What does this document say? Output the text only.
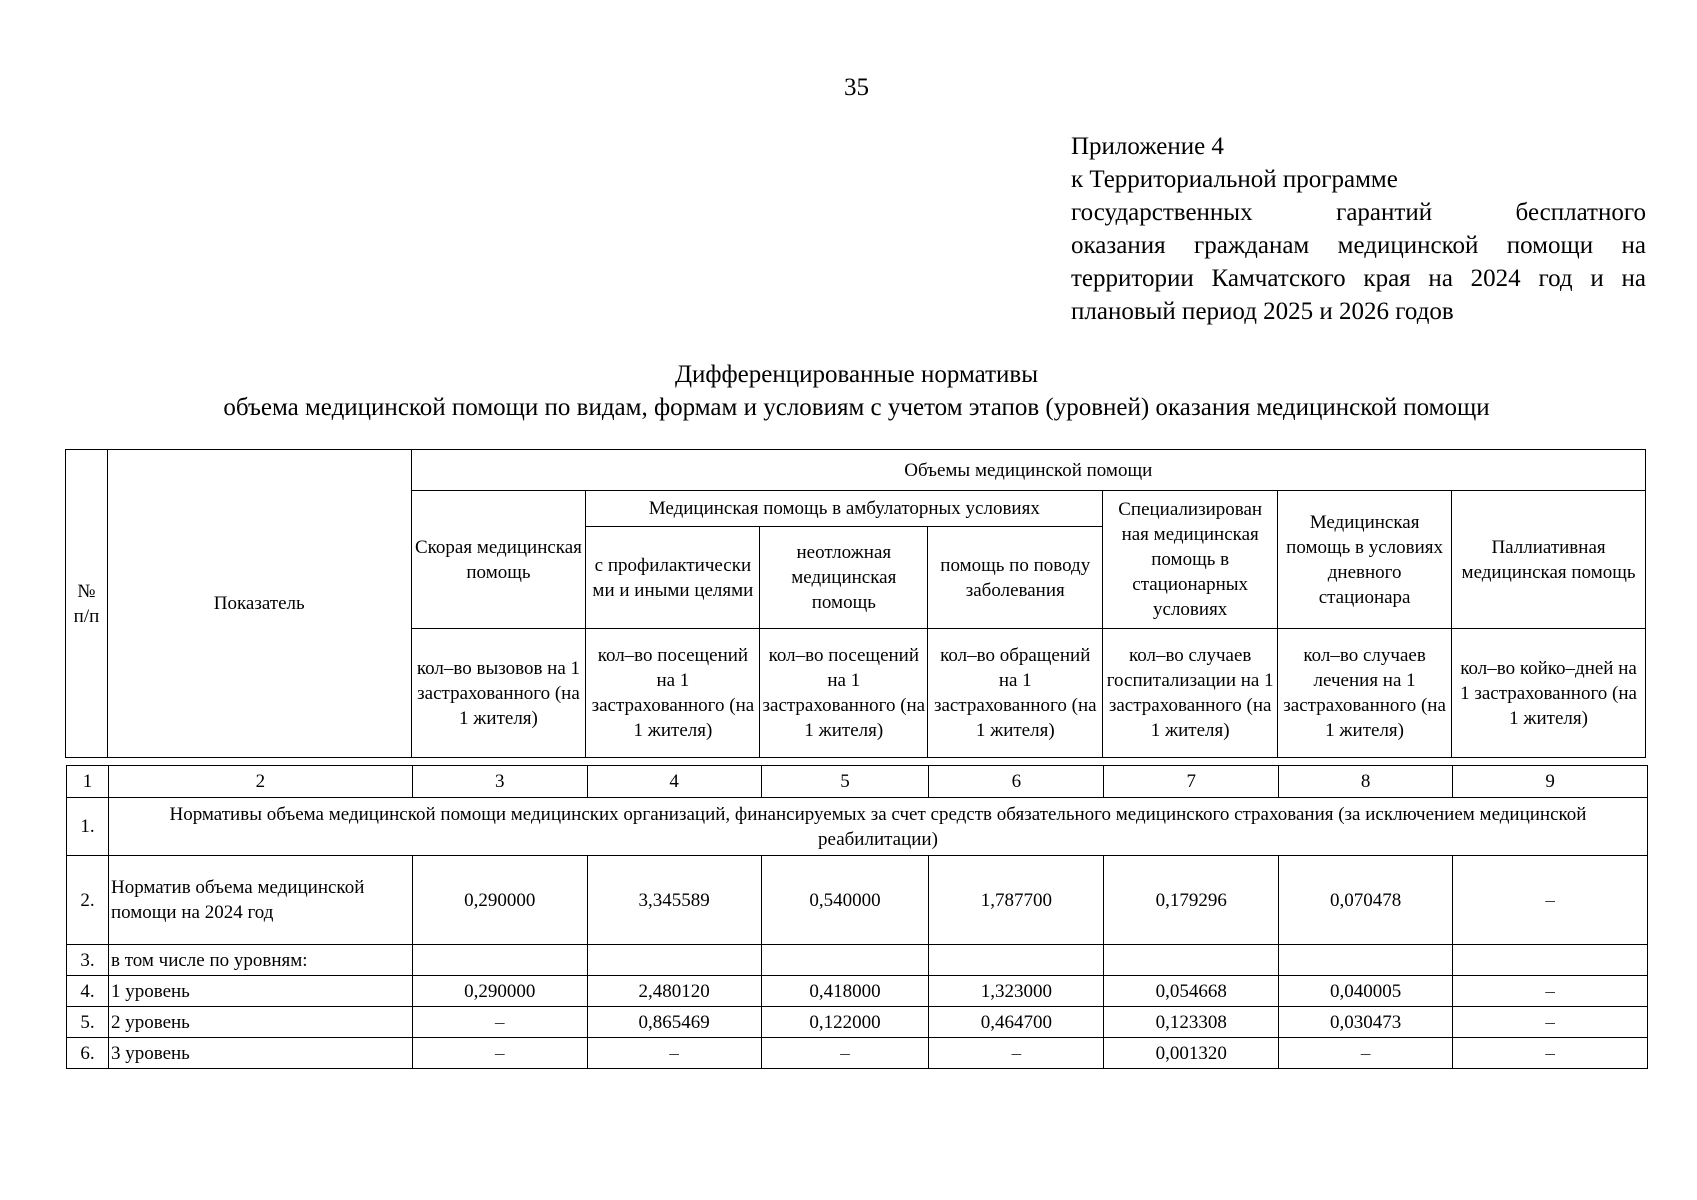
35
Приложение 4
к Территориальной программе
государственных гарантий бесплатного
оказания гражданам медицинской помощи на
территории Камчатского края на 2024 год и на
плановый период 2025 и 2026 годов
Дифференцированные нормативы
объема медицинской помощи по видам, формам и условиям с учетом этапов (уровней) оказания медицинской помощи
№ п/п	Показатель	Объемы медицинской помощи						
		Скорая медицинская помощь	Медицинская помощь в амбулаторных условиях			Специализирован ная медицинская помощь в стационарных условиях	Медицинская помощь в условиях дневного стационара	Паллиативная медицинская помощь
			с профилактически ми и иными целями	неотложная медицинская помощь	помощь по поводу заболевания			
		кол–во вызовов на 1 застрахованного (на 1 жителя)	кол–во посещений на 1 застрахованного (на 1 жителя)	кол–во посещений на 1 застрахованного (на 1 жителя)	кол–во обращений на 1 застрахованного (на 1 жителя)	кол–во случаев госпитализации на 1 застрахованного (на 1 жителя)	кол–во случаев лечения на 1 застрахованного (на 1 жителя)	кол–во койко–дней на 1 застрахованного (на 1 жителя)
1	2	3	4	5	6	7	8	9
1.	Нормативы объема медицинской помощи медицинских организаций, финансируемых за счет средств обязательного медицинского страхования (за исключением медицинской реабилитации)							
2.	Норматив объема медицинской помощи на 2024 год	0,290000	3,345589	0,540000	1,787700	0,179296	0,070478	–
3.	в том числе по уровням:							
4.	1 уровень	0,290000	2,480120	0,418000	1,323000	0,054668	0,040005	–
5.	2 уровень	–	0,865469	0,122000	0,464700	0,123308	0,030473	–
6.	3 уровень	–	–	–	–	0,001320	–	–
